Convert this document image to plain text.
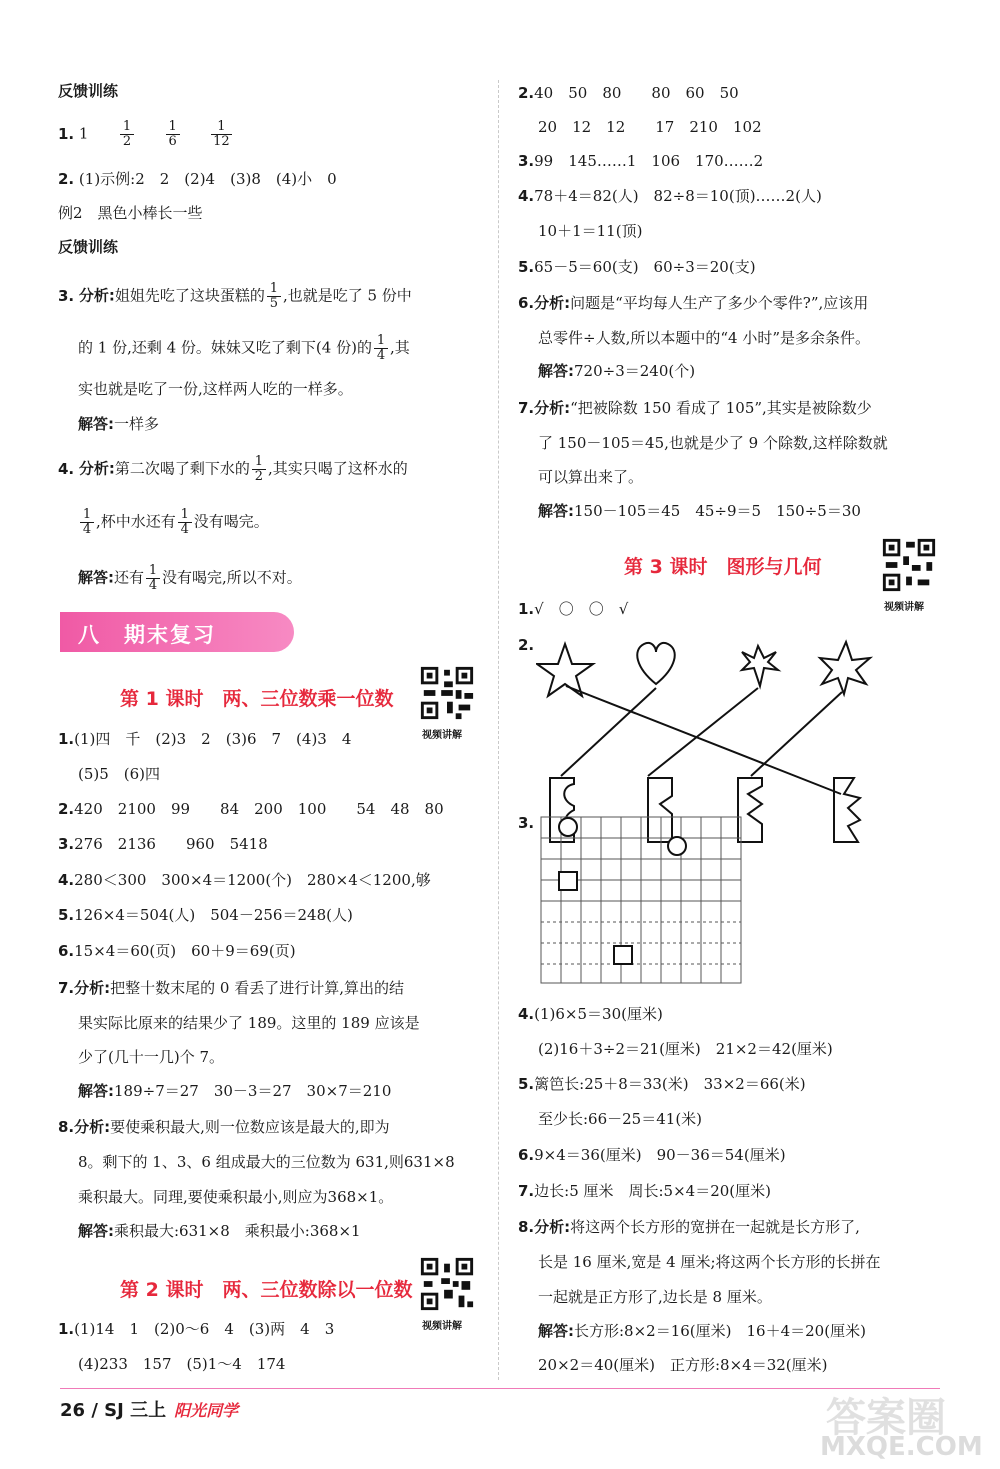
反馈训练
1. 1	$\frac{1}{2}$
	$\frac{1}{6}$
	$\frac{1}{12}$
2. (1)示例:2　2　(2)4　(3)8　(4)小　0
例2　黑色小棒长一些
反馈训练
3. 分析:姐姐先吃了这块蛋糕的 $\frac{1}{5}$ ,也就是吃了 5 份中
的 1 份,还剩 4 份。妹妹又吃了剩下(4 份)的 $\frac{1}{4}$ ,其
实也就是吃了一份,这样两人吃的一样多。
解答:一样多
4. 分析:第二次喝了剩下水的 $\frac{1}{2}$ ,其实只喝了这杯水的
$\frac{1}{4}$ ,杯中水还有 $\frac{1}{4}$ 没有喝完。
解答:还有 $\frac{1}{4}$ 没有喝完,所以不对。
八　期末复习
第 1 课时　两、三位数乘一位数
视频讲解
1.(1)四　千　(2)3　2　(3)6　7　(4)3　4
(5)5　(6)四
2.420　2100　99　　84　200　100　　54　48　80
3.276　2136　　960　5418
4.280＜300　300×4＝1200(个)　280×4＜1200,够
5.126×4＝504(人)　504－256＝248(人)
6.15×4＝60(页)　60＋9＝69(页)
7.分析:把整十数末尾的 0 看丢了进行计算,算出的结
果实际比原来的结果少了 189。这里的 189 应该是
少了(几十一几)个 7。
解答:189÷7＝27　30－3＝27　30×7＝210
8.分析:要使乘积最大,则一位数应该是最大的,即为
8。剩下的 1、3、6 组成最大的三位数为 631,则631×8
乘积最大。同理,要使乘积最小,则应为368×1。
解答:乘积最大:631×8　乘积最小:368×1
第 2 课时　两、三位数除以一位数
视频讲解
1.(1)14　1　(2)0～6　4　(3)两　4　3
(4)233　157　(5)1～4　174
2.40　50　80　　80　60　50
20　12　12　　17　210　102
3.99　145……1　106　170……2
4.78＋4＝82(人)　82÷8＝10(顶)……2(人)
10＋1＝11(顶)
5.65－5＝60(支)　60÷3＝20(支)
6.分析:问题是“平均每人生产了多少个零件?”,应该用
总零件÷人数,所以本题中的“4 小时”是多余条件。
解答:720÷3＝240(个)
7.分析:“把被除数 150 看成了 105”,其实是被除数少
了 150－105＝45,也就是少了 9 个除数,这样除数就
可以算出来了。
解答:150－105＝45　45÷9＝5　150÷5＝30
第 3 课时　图形与几何
视频讲解
1.√　〇　〇　√
2.
3.
4.(1)6×5＝30(厘米)
(2)16＋3÷2＝21(厘米)　21×2＝42(厘米)
5.篱笆长:25＋8＝33(米)　33×2＝66(米)
至少长:66－25＝41(米)
6.9×4＝36(厘米)　90－36＝54(厘米)
7.边长:5 厘米　周长:5×4＝20(厘米)
8.分析:将这两个长方形的宽拼在一起就是长方形了,
长是 16 厘米,宽是 4 厘米;将这两个长方形的长拼在
一起就是正方形了,边长是 8 厘米。
解答:长方形:8×2＝16(厘米)　16＋4＝20(厘米)
20×2＝40(厘米)　正方形:8×4＝32(厘米)
26 / SJ 三上 阳光同学	答案圈
MXQE.COM
